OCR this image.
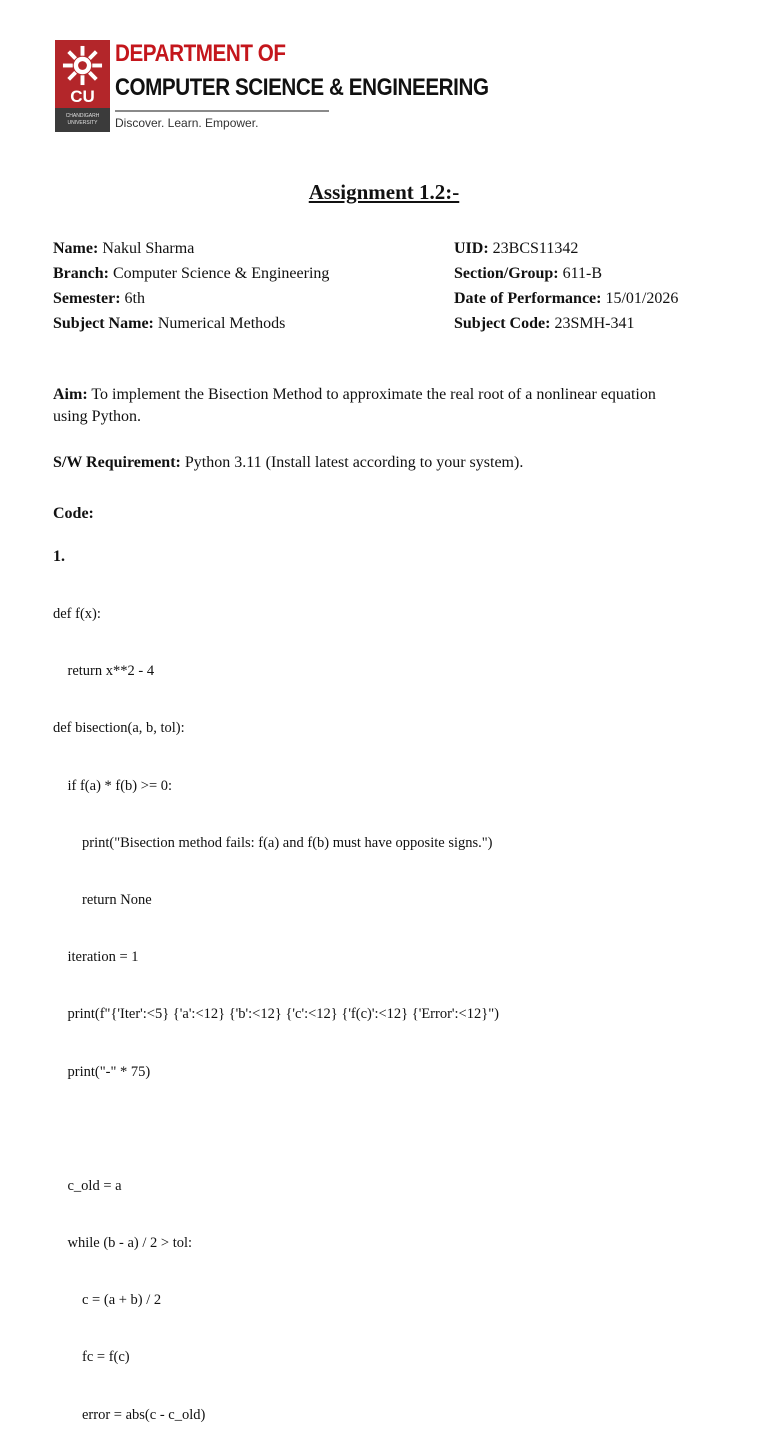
CU
CHANDIGARH UNIVERSITY
DEPARTMENT OF
COMPUTER SCIENCE & ENGINEERING
Discover. Learn. Empower.
Assignment 1.2:-
Name: Nakul Sharma
Branch: Computer Science & Engineering
Semester: 6th
Subject Name: Numerical Methods
UID: 23BCS11342
Section/Group: 611-B
Date of Performance: 15/01/2026
Subject Code: 23SMH-341
Aim: To implement the Bisection Method to approximate the real root of a nonlinear equation using Python.
S/W Requirement: Python 3.11 (Install latest according to your system).
Code:
1.

def f(x):

return x**2 - 4

def bisection(a, b, tol):

if f(a) * f(b) >= 0:

print("Bisection method fails: f(a) and f(b) must have opposite signs.")

return None

iteration = 1

print(f"{'Iter':<5} {'a':<12} {'b':<12} {'c':<12} {'f(c)':<12} {'Error':<12}")

print("-" * 75)

c_old = a

while (b - a) / 2 > tol:

c = (a + b) / 2

fc = f(c)

error = abs(c - c_old)
